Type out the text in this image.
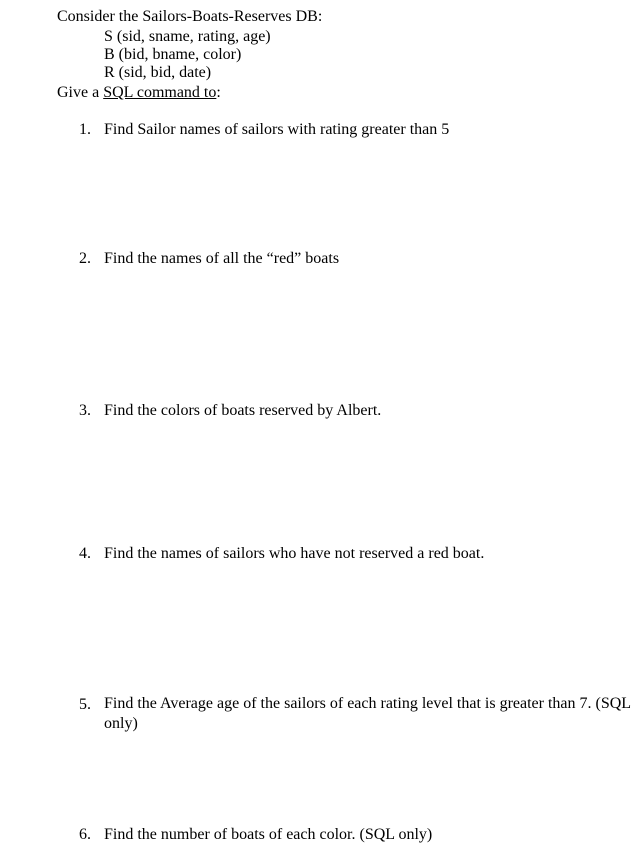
Consider the Sailors-Boats-Reserves DB:
S (sid, sname, rating, age)
B (bid, bname, color)
R (sid, bid, date)
Give a SQL command to:
1. Find Sailor names of sailors with rating greater than 5
2. Find the names of all the “red” boats
3. Find the colors of boats reserved by Albert.
4. Find the names of sailors who have not reserved a red boat.
5. Find the Average age of the sailors of each rating level that is greater than 7. (SQL only)
6. Find the number of boats of each color. (SQL only)
